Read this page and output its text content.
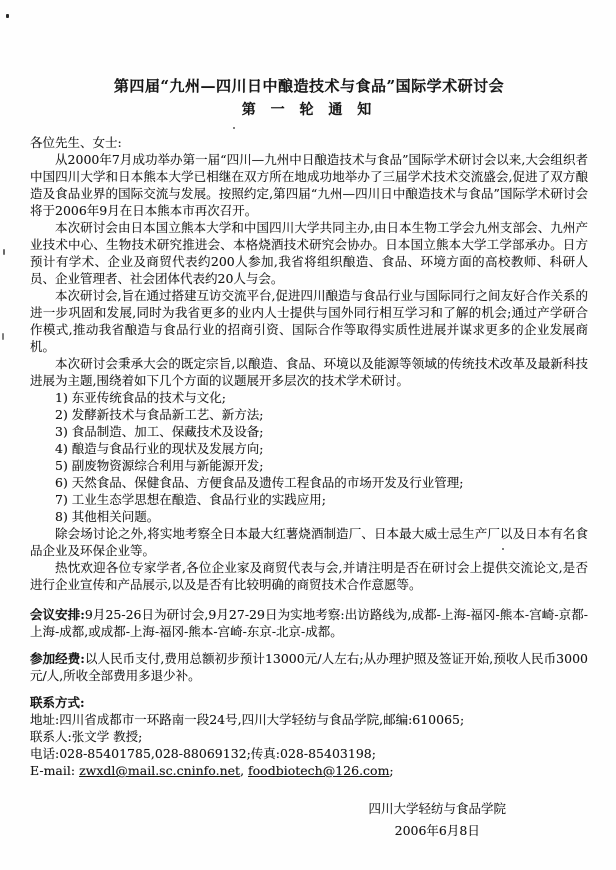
第四届“九州—四川日中酿造技术与食品”国际学术研讨会
第 一 轮 通 知

各位先生、女士:

从2000年7月成功举办第一届“四川—九州中日酿造技术与食品”国际学术研讨会以来,大会组织者中国四川大学和日本熊本大学已相继在双方所在地成功地举办了三届学术技术交流盛会,促进了双方酿造及食品业界的国际交流与发展。按照约定,第四届“九州—四川日中酿造技术与食品”国际学术研讨会将于2006年9月在日本熊本市再次召开。

本次研讨会由日本国立熊本大学和中国四川大学共同主办,由日本生物工学会九州支部会、九州产业技术中心、生物技术研究推进会、本格烧酒技术研究会协办。日本国立熊本大学工学部承办。日方预计有学术、企业及商贸代表约200人参加,我省将组织酿造、食品、环境方面的高校教师、科研人员、企业管理者、社会团体代表约20人与会。

本次研讨会,旨在通过搭建互访交流平台,促进四川酿造与食品行业与国际同行之间友好合作关系的进一步巩固和发展,同时为我省更多的业内人士提供与国外同行相互学习和了解的机会;通过产学研合作模式,推动我省酿造与食品行业的招商引资、国际合作等取得实质性进展并谋求更多的企业发展商机。

本次研讨会秉承大会的既定宗旨,以酿造、食品、环境以及能源等领域的传统技术改革及最新科技进展为主题,围绕着如下几个方面的议题展开多层次的技术学术研讨。

1) 东亚传统食品的技术与文化;
2) 发酵新技术与食品新工艺、新方法;
3) 食品制造、加工、保藏技术及设备;
4) 酿造与食品行业的现状及发展方向;
5) 副废物资源综合利用与新能源开发;
6) 天然食品、保健食品、方便食品及遗传工程食品的市场开发及行业管理;
7) 工业生态学思想在酿造、食品行业的实践应用;
8) 其他相关问题。

除会场讨论之外,将实地考察全日本最大红薯烧酒制造厂、日本最大威士忌生产厂以及日本有名食品企业及环保企业等。

热忱欢迎各位专家学者,各位企业家及商贸代表与会,并请注明是否在研讨会上提供交流论文,是否进行企业宣传和产品展示,以及是否有比较明确的商贸技术合作意愿等。

会议安排:9月25-26日为研讨会,9月27-29日为实地考察:出访路线为,成都-上海-福冈-熊本-宫崎-京都-上海-成都,或成都-上海-福冈-熊本-宫崎-东京-北京-成都。

参加经费:以人民币支付,费用总额初步预计13000元/人左右;从办理护照及签证开始,预收人民币3000元/人,所收全部费用多退少补。

联系方式:

地址:四川省成都市一环路南一段24号,四川大学轻纺与食品学院,邮编:610065;

联系人:张文学 教授;

电话:028-85401785,028-88069132;传真:028-85403198;

E-mail: zwxdl@mail.sc.cninfo.net, foodbiotech@126.com;

四川大学轻纺与食品学院
2006年6月8日
